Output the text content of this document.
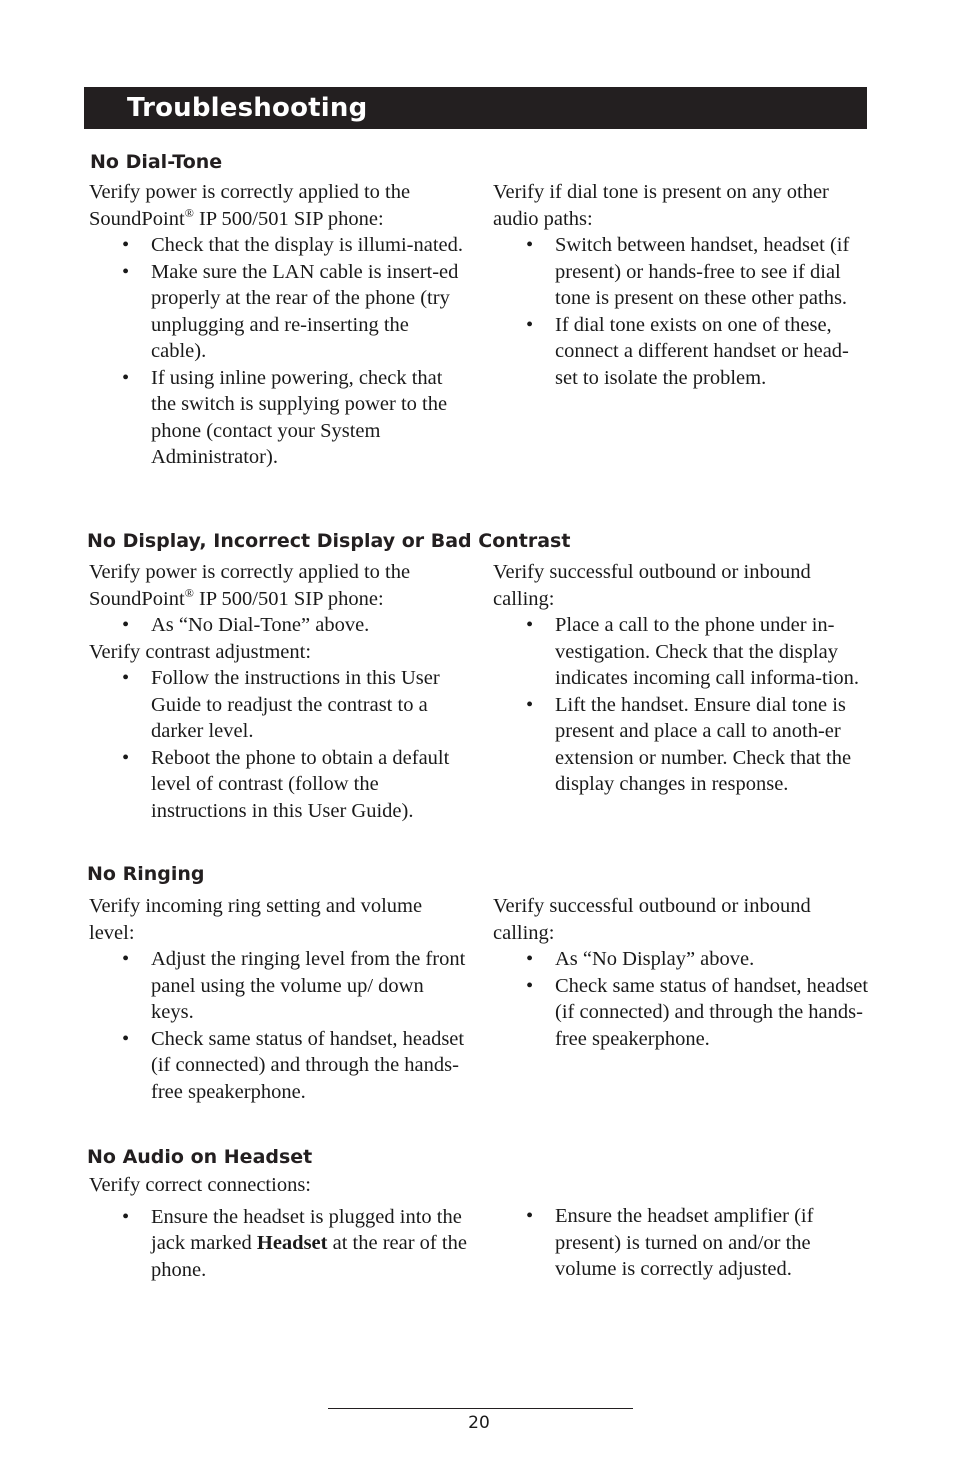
Troubleshooting
No Dial-Tone

Verify power is correctly applied to the SoundPoint® IP 500/501 SIP phone:

• Check that the display is illumi-nated.
• Make sure the LAN cable is insert-ed properly at the rear of the phone (try unplugging and re-inserting the cable).
• If using inline powering, check that the switch is supplying power to the phone (contact your System Administrator).

Verify if dial tone is present on any other audio paths:

• Switch between handset, headset (if present) or hands-free to see if dial tone is present on these other paths.
• If dial tone exists on one of these, connect a different handset or head-set to isolate the problem.
No Display, Incorrect Display or Bad Contrast

Verify power is correctly applied to the SoundPoint® IP 500/501 SIP phone:

• As “No Dial-Tone” above.

Verify contrast adjustment:

• Follow the instructions in this User Guide to readjust the contrast to a darker level.
• Reboot the phone to obtain a default level of contrast (follow the instructions in this User Guide).

Verify successful outbound or inbound calling:

• Place a call to the phone under in-vestigation. Check that the display indicates incoming call informa-tion.
• Lift the handset. Ensure dial tone is present and place a call to anoth-er extension or number. Check that the display changes in response.
No Ringing

Verify incoming ring setting and volume level:

• Adjust the ringing level from the front panel using the volume up/ down keys.
• Check same status of handset, headset (if connected) and through the hands-free speakerphone.

Verify successful outbound or inbound calling:

• As “No Display” above.
• Check same status of handset, headset (if connected) and through the hands-free speakerphone.
No Audio on Headset

Verify correct connections:

• Ensure the headset is plugged into the jack marked Headset at the rear of the phone.
• Ensure the headset amplifier (if present) is turned on and/or the volume is correctly adjusted.
20
